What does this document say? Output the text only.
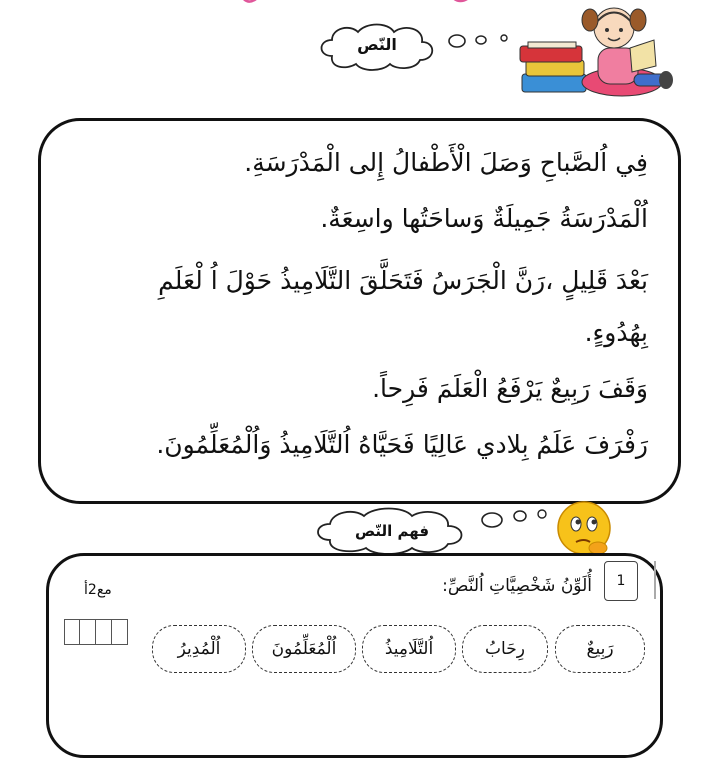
النّص
فِي اُلصَّباحِ وَصَلَ الْأَطْفالُ إِلى الْمَدْرَسَةِ.
اُلْمَدْرَسَةُ جَمِيلَةٌ وَساحَتُها واسِعَةٌ.
بَعْدَ قَلِيلٍ ،رَنَّ الْجَرَسُ فَتَحَلَّقَ التَّلَامِيذُ حَوْلَ اُ لْعَلَمِ
بِهُدُوءٍ.
وَقَفَ رَبِيعٌ يَرْفَعُ الْعَلَمَ فَرِحاً.
رَفْرَفَ عَلَمُ بِلادي عَالِيًا فَحَيَّاهُ اُلتَّلَامِيذُ وَاُلْمُعَلِّمُونَ.
فهم النّص
1
أُلَوِّنُ شَخْصِيَّاتِ اُلنَّصِّ:
مع2أ
رَبِيعٌ
رِحَابُ
اُلتَّلَامِيذُ
اُلْمُعَلِّمُونَ
اُلْمُدِيرُ
